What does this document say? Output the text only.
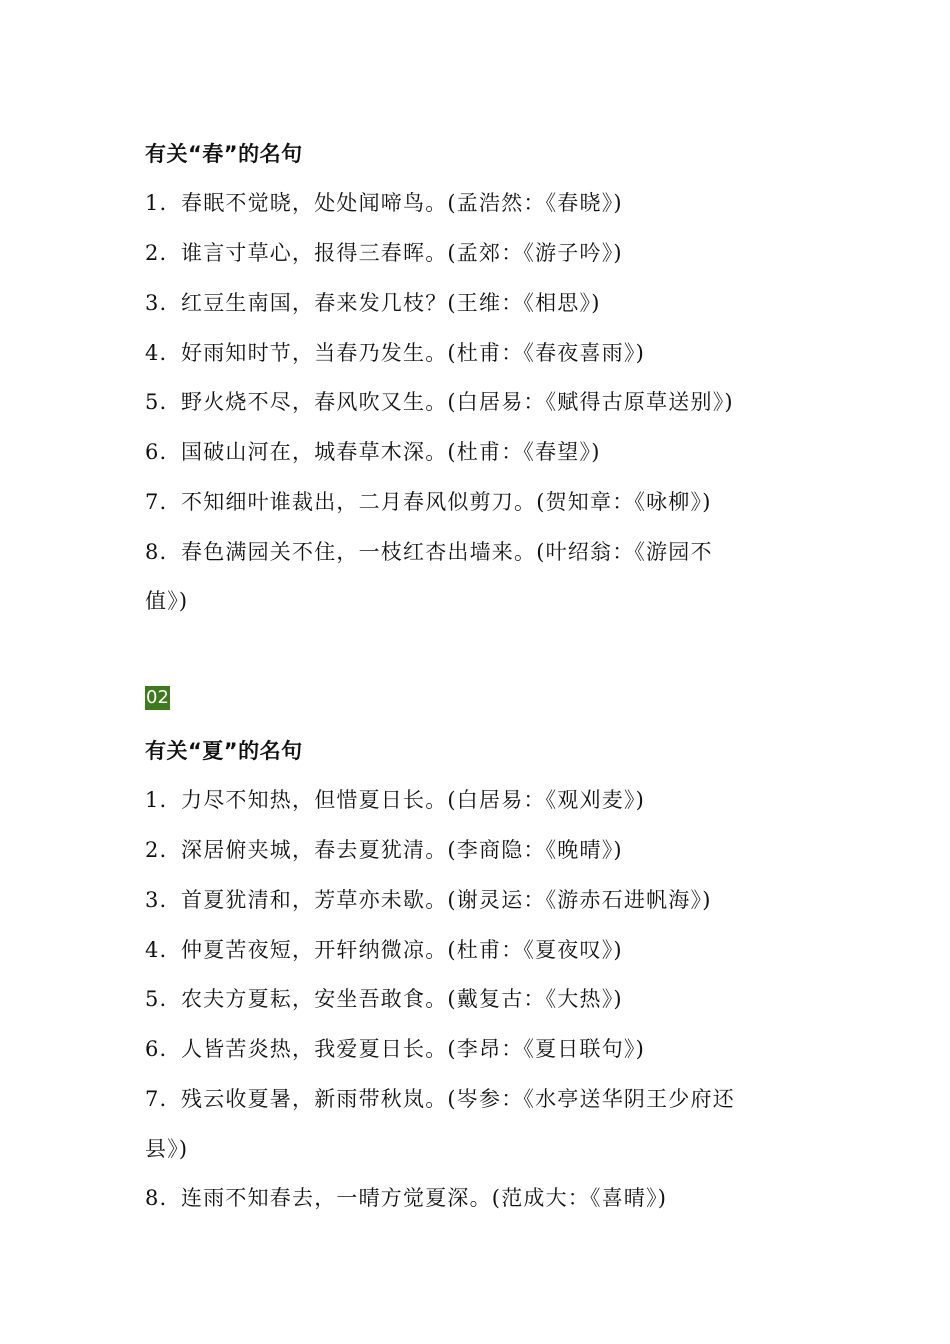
有关“春”的名句
1. 春眠不觉晓，处处闻啼鸟。(孟浩然：《春晓》)
2. 谁言寸草心，报得三春晖。(孟郊：《游子吟》)
3. 红豆生南国，春来发几枝？(王维：《相思》)
4. 好雨知时节，当春乃发生。(杜甫：《春夜喜雨》)
5. 野火烧不尽，春风吹又生。(白居易：《赋得古原草送别》)
6. 国破山河在，城春草木深。(杜甫：《春望》)
7. 不知细叶谁裁出，二月春风似剪刀。(贺知章：《咏柳》)
8. 春色满园关不住，一枝红杏出墙来。(叶绍翁：《游园不
值》)
02
有关“夏”的名句
1. 力尽不知热，但惜夏日长。(白居易：《观刈麦》)
2. 深居俯夹城，春去夏犹清。(李商隐：《晚晴》)
3. 首夏犹清和，芳草亦未歇。(谢灵运：《游赤石进帆海》)
4. 仲夏苦夜短，开轩纳微凉。(杜甫：《夏夜叹》)
5. 农夫方夏耘，安坐吾敢食。(戴复古：《大热》)
6. 人皆苦炎热，我爱夏日长。(李昂：《夏日联句》)
7. 残云收夏暑，新雨带秋岚。(岑参：《水亭送华阴王少府还
县》)
8. 连雨不知春去，一晴方觉夏深。(范成大：《喜晴》)
